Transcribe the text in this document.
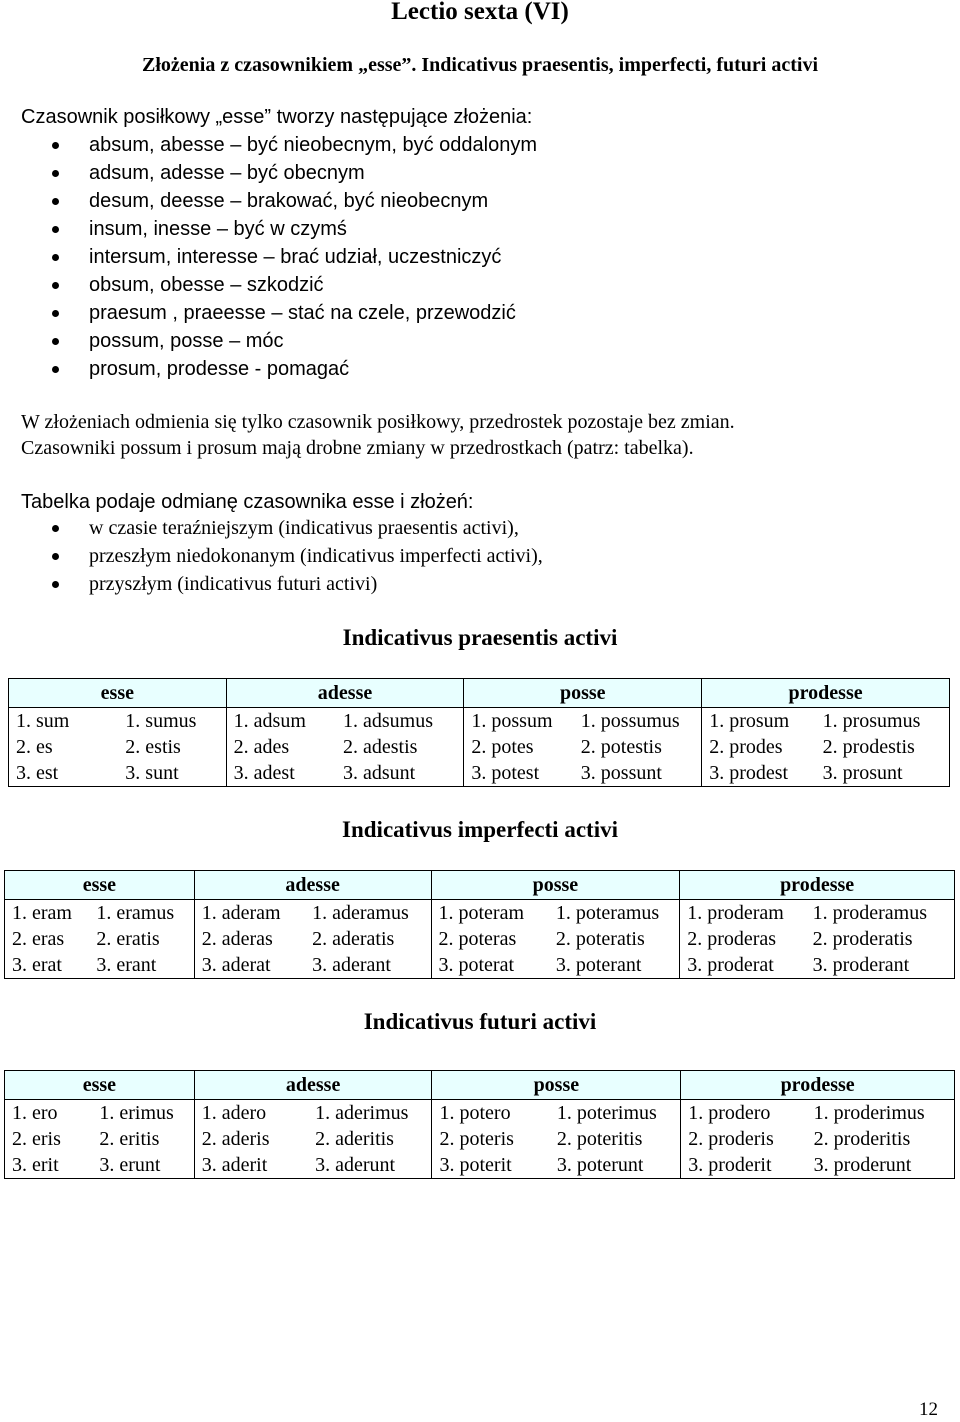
Lectio sexta (VI)
Złożenia z czasownikiem „esse”. Indicativus praesentis, imperfecti, futuri activi
Czasownik posiłkowy „esse” tworzy następujące złożenia:
absum, abesse – być nieobecnym, być oddalonym
adsum, adesse – być obecnym
desum, deesse – brakować, być nieobecnym
insum, inesse – być w czymś
intersum, interesse – brać udział, uczestniczyć
obsum, obesse – szkodzić
praesum , praeesse – stać na czele, przewodzić
possum, posse – móc
prosum, prodesse - pomagać
W złożeniach odmienia się tylko czasownik posiłkowy, przedrostek pozostaje bez zmian.
Czasowniki possum i prosum mają drobne zmiany w przedrostkach (patrz: tabelka).
Tabelka podaje odmianę czasownika esse i złożeń:
w czasie teraźniejszym (indicativus praesentis activi),
przeszłym niedokonanym (indicativus imperfecti activi),
przyszłym (indicativus futuri activi)
Indicativus praesentis activi
esse		adesse		posse		prodesse	
1. sum	1. sumus	1. adsum	1. adsumus	1. possum	1. possumus	1. prosum	1. prosumus
2. es	2. estis	2. ades	2. adestis	2. potes	2. potestis	2. prodes	2. prodestis
3. est	3. sunt	3. adest	3. adsunt	3. potest	3. possunt	3. prodest	3. prosunt
Indicativus imperfecti activi
esse		adesse		posse		prodesse	
1. eram	1. eramus	1. aderam	1. aderamus	1. poteram	1. poteramus	1. proderam	1. proderamus
2. eras	2. eratis	2. aderas	2. aderatis	2. poteras	2. poteratis	2. proderas	2. proderatis
3. erat	3. erant	3. aderat	3. aderant	3. poterat	3. poterant	3. proderat	3. proderant
Indicativus futuri activi
esse		adesse		posse		prodesse	
1. ero	1. erimus	1. adero	1. aderimus	1. potero	1. poterimus	1. prodero	1. proderimus
2. eris	2. eritis	2. aderis	2. aderitis	2. poteris	2. poteritis	2. proderis	2. proderitis
3. erit	3. erunt	3. aderit	3. aderunt	3. poterit	3. poterunt	3. proderit	3. proderunt
12
